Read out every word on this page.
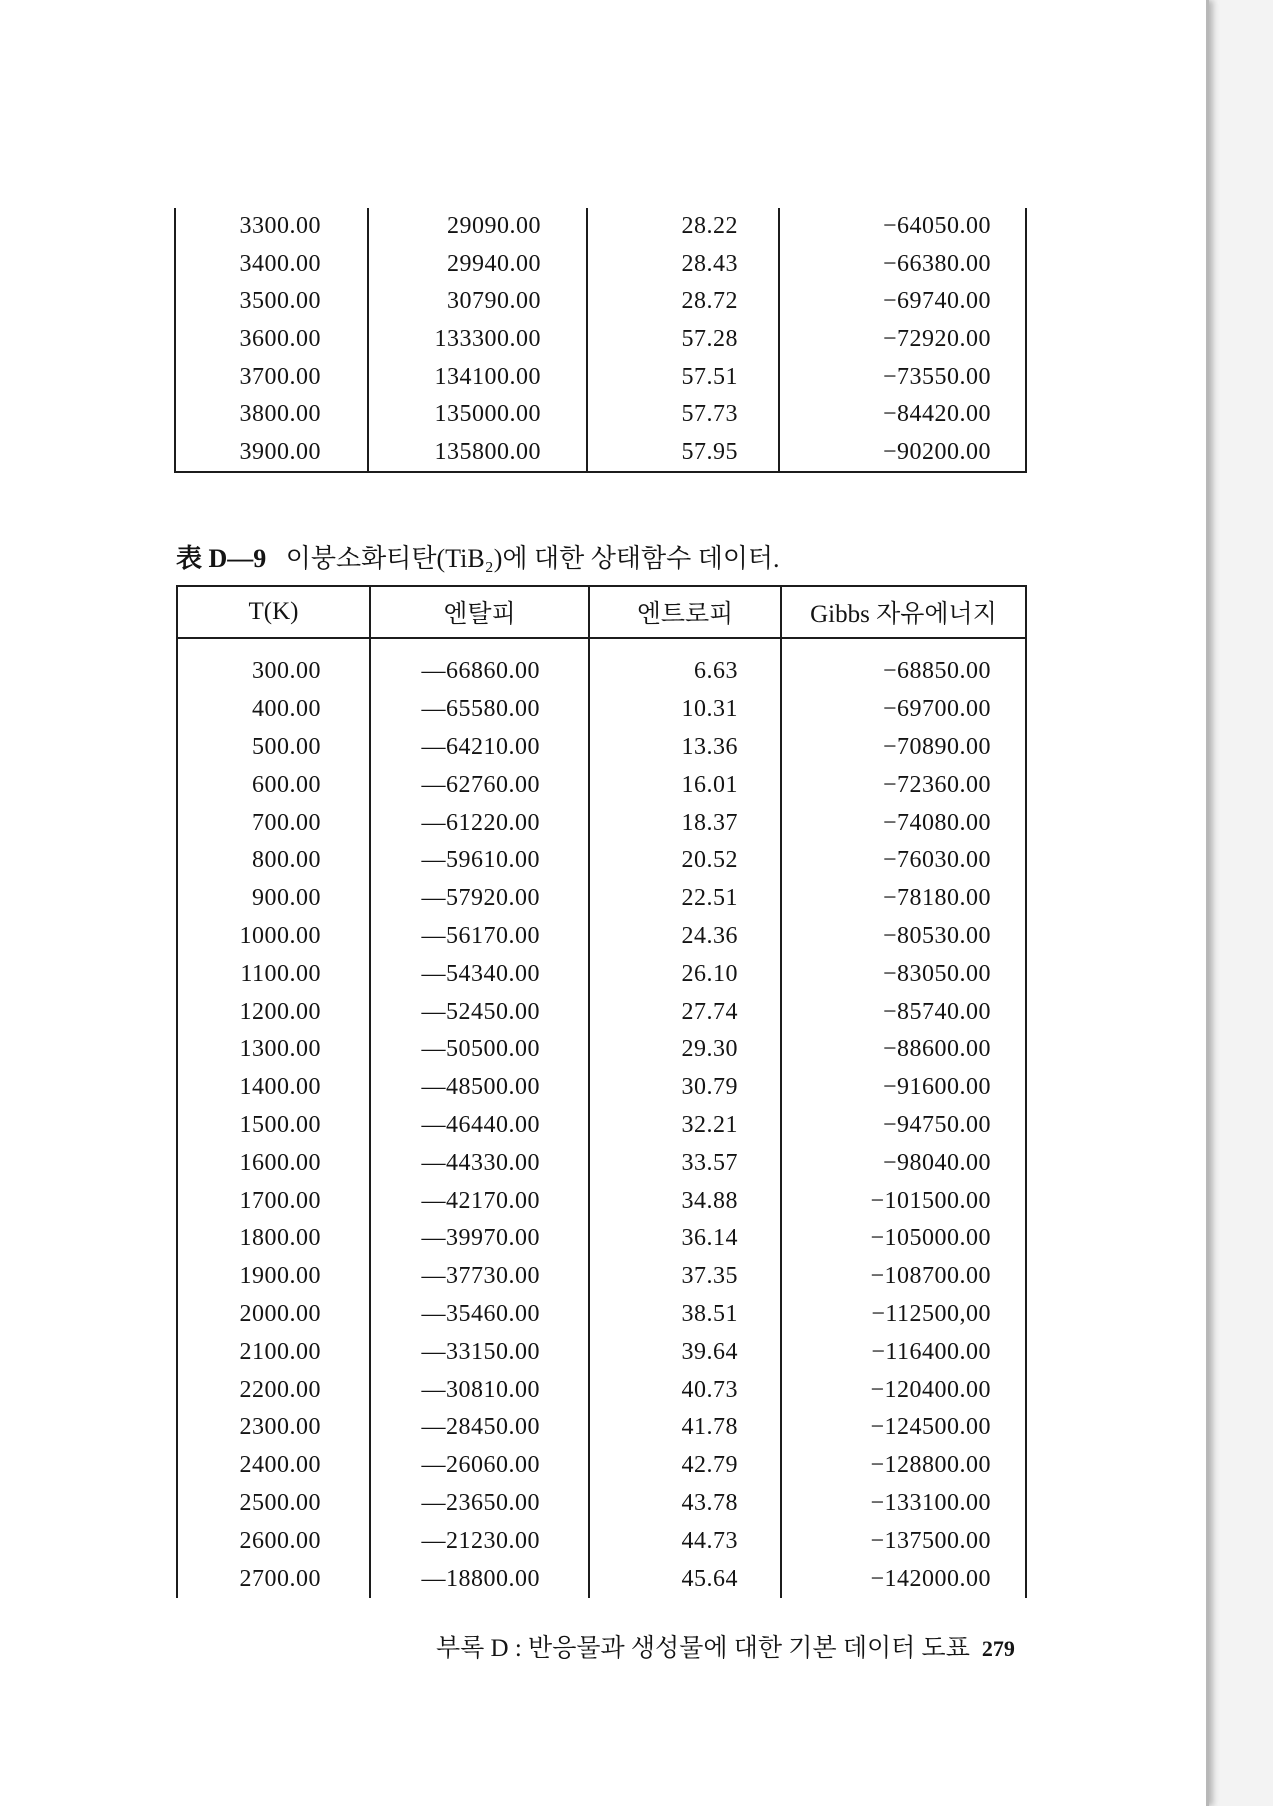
3300.00	29090.00	28.22	−64050.00
3400.00	29940.00	28.43	−66380.00
3500.00	30790.00	28.72	−69740.00
3600.00	133300.00	57.28	−72920.00
3700.00	134100.00	57.51	−73550.00
3800.00	135000.00	57.73	−84420.00
3900.00	135800.00	57.95	−90200.00
表 D—9 이붕소화티탄(TiB₂)에 대한 상태함수 데이터.
T(K)	엔탈피	엔트로피	Gibbs 자유에너지

300.00	—66860.00	6.63	−68850.00
400.00	—65580.00	10.31	−69700.00
500.00	—64210.00	13.36	−70890.00
600.00	—62760.00	16.01	−72360.00
700.00	—61220.00	18.37	−74080.00
800.00	—59610.00	20.52	−76030.00
900.00	—57920.00	22.51	−78180.00
1000.00	—56170.00	24.36	−80530.00
1100.00	—54340.00	26.10	−83050.00
1200.00	—52450.00	27.74	−85740.00
1300.00	—50500.00	29.30	−88600.00
1400.00	—48500.00	30.79	−91600.00
1500.00	—46440.00	32.21	−94750.00
1600.00	—44330.00	33.57	−98040.00
1700.00	—42170.00	34.88	−101500.00
1800.00	—39970.00	36.14	−105000.00
1900.00	—37730.00	37.35	−108700.00
2000.00	—35460.00	38.51	−112500,00
2100.00	—33150.00	39.64	−116400.00
2200.00	—30810.00	40.73	−120400.00
2300.00	—28450.00	41.78	−124500.00
2400.00	—26060.00	42.79	−128800.00
2500.00	—23650.00	43.78	−133100.00
2600.00	—21230.00	44.73	−137500.00
2700.00	—18800.00	45.64	−142000.00
부록 D : 반응물과 생성물에 대한 기본 데이터 도표 279
